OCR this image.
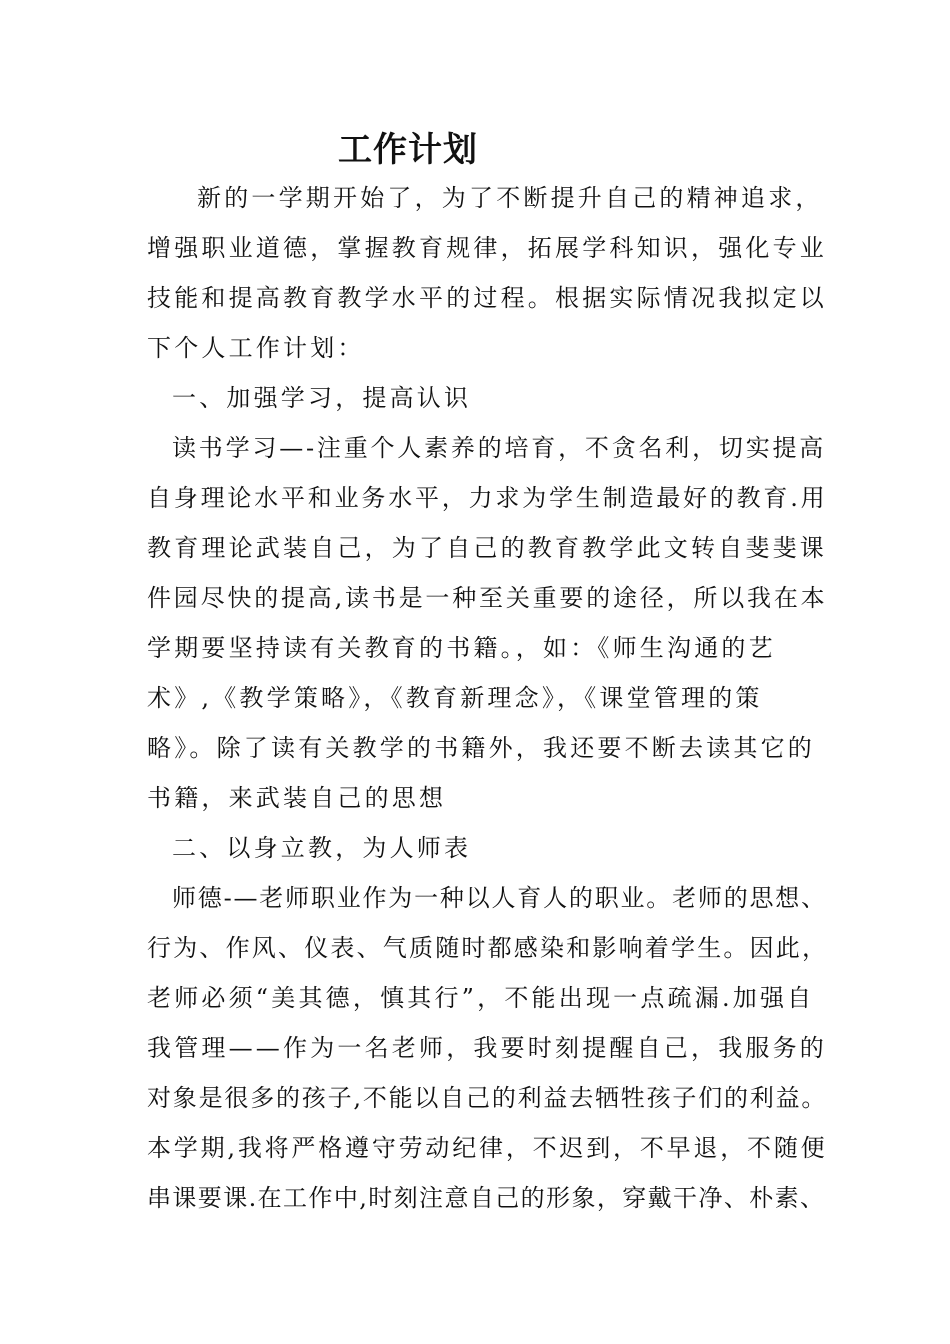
工作计划
新的一学期开始了，为了不断提升自己的精神追求，
增强职业道德，掌握教育规律，拓展学科知识，强化专业
技能和提高教育教学水平的过程。根据实际情况我拟定以
下个人工作计划：
一、加强学习，提高认识
读书学习—-注重个人素养的培育，不贪名利，切实提高
自身理论水平和业务水平，力求为学生制造最好的教育.用
教育理论武装自己，为了自己的教育教学此文转自斐斐课
件园尽快的提高,读书是一种至关重要的途径，所以我在本
学期要坚持读有关教育的书籍。，如：《师生沟通的艺
术》,《教学策略》，《教育新理念》，《课堂管理的策
略》。除了读有关教学的书籍外，我还要不断去读其它的
书籍，来武装自己的思想
二、以身立教，为人师表
师德-—老师职业作为一种以人育人的职业。老师的思想、
行为、作风、仪表、气质随时都感染和影响着学生。因此，
老师必须“美其德，慎其行”，不能出现一点疏漏.加强自
我管理——作为一名老师，我要时刻提醒自己，我服务的
对象是很多的孩子,不能以自己的利益去牺牲孩子们的利益。
本学期,我将严格遵守劳动纪律，不迟到，不早退，不随便
串课要课.在工作中,时刻注意自己的形象，穿戴干净、朴素、
